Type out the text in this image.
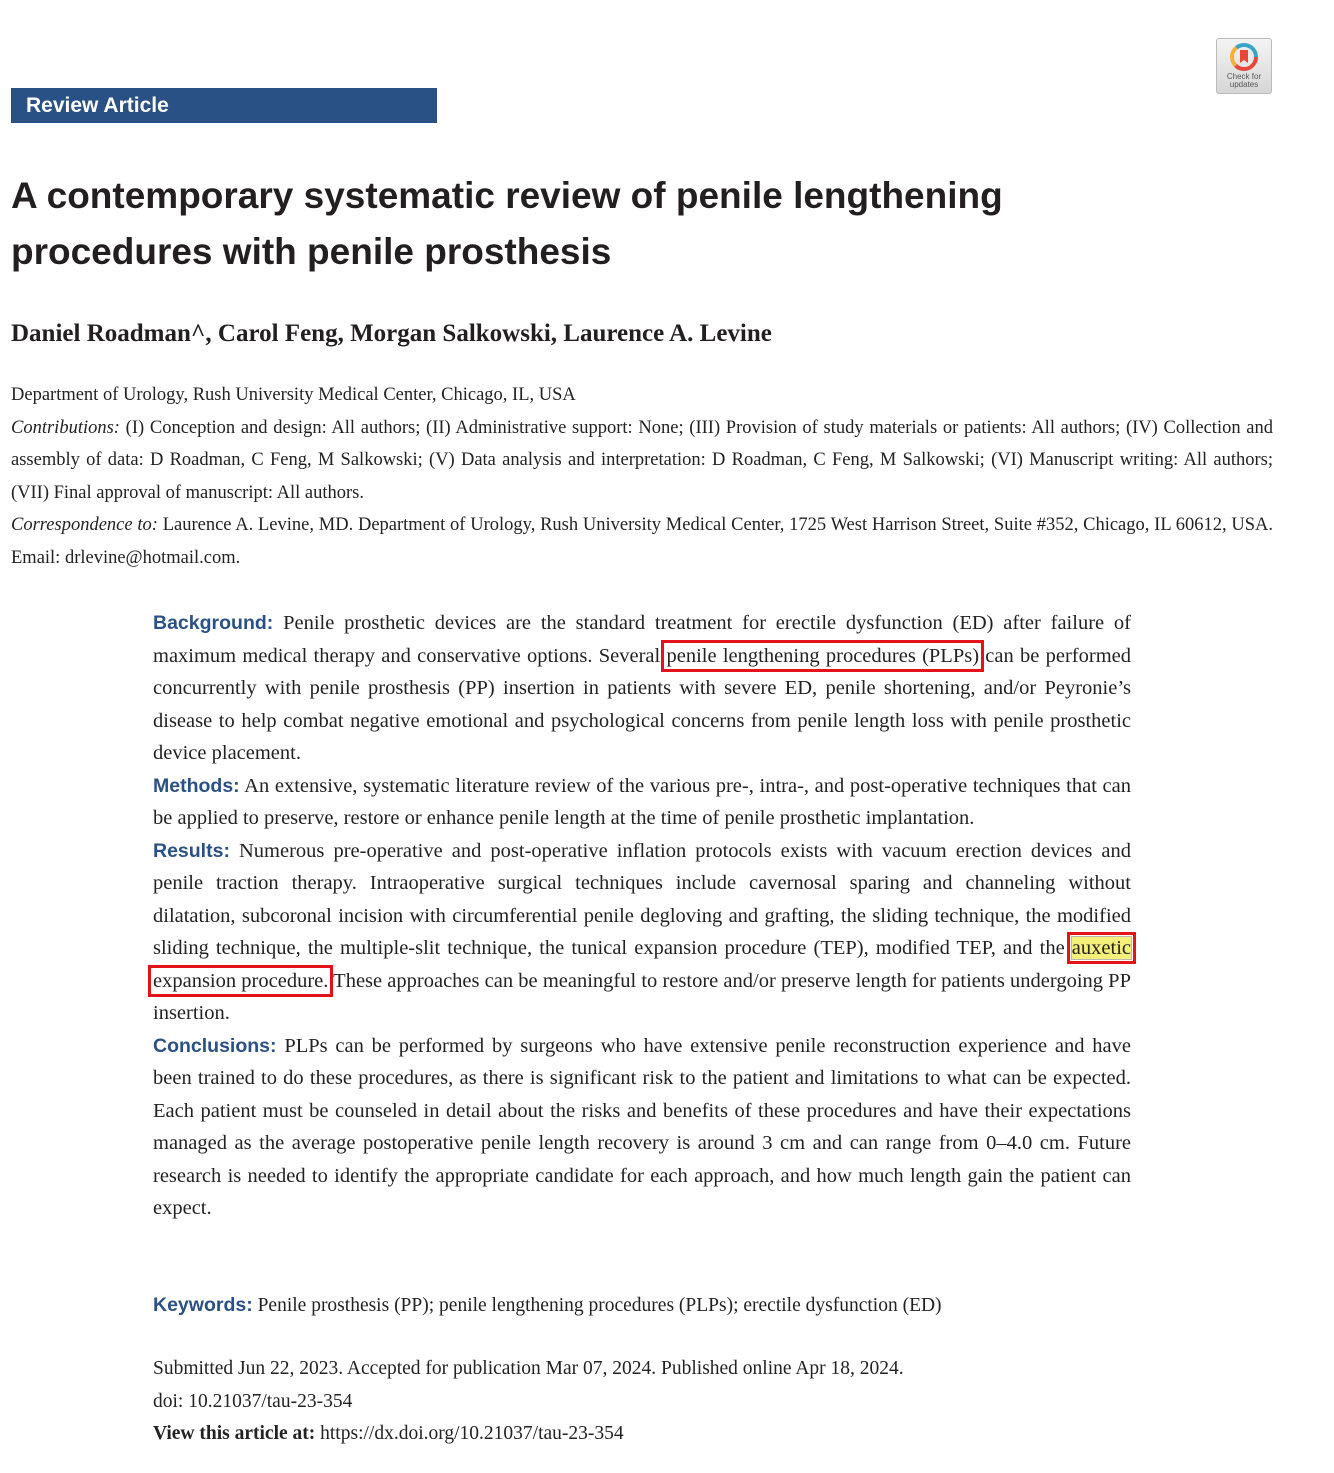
Review Article
Check for
updates
A contemporary systematic review of penile lengthening
procedures with penile prosthesis

Daniel Roadman^, Carol Feng, Morgan Salkowski, Laurence A. Levine

Department of Urology, Rush University Medical Center, Chicago, IL, USA

Contributions: (I) Conception and design: All authors; (II) Administrative support: None; (III) Provision of study materials or patients: All authors; (IV) Collection and assembly of data: D Roadman, C Feng, M Salkowski; (V) Data analysis and interpretation: D Roadman, C Feng, M Salkowski; (VI) Manuscript writing: All authors; (VII) Final approval of manuscript: All authors.

Correspondence to: Laurence A. Levine, MD. Department of Urology, Rush University Medical Center, 1725 West Harrison Street, Suite #352, Chicago, IL 60612, USA. Email: drlevine@hotmail.com.

Background: Penile prosthetic devices are the standard treatment for erectile dysfunction (ED) after failure of maximum medical therapy and conservative options. Several penile lengthening procedures (PLPs) can be performed concurrently with penile prosthesis (PP) insertion in patients with severe ED, penile shortening, and/or Peyronie’s disease to help combat negative emotional and psychological concerns from penile length loss with penile prosthetic device placement.

Methods: An extensive, systematic literature review of the various pre-, intra-, and post-operative techniques that can be applied to preserve, restore or enhance penile length at the time of penile prosthetic implantation.

Results: Numerous pre-operative and post-operative inflation protocols exists with vacuum erection devices and penile traction therapy. Intraoperative surgical techniques include cavernosal sparing and channeling without dilatation, subcoronal incision with circumferential penile degloving and grafting, the sliding technique, the modified sliding technique, the multiple-slit technique, the tunical expansion procedure (TEP), modified TEP, and the auxetic expansion procedure. These approaches can be meaningful to restore and/or preserve length for patients undergoing PP insertion.

Conclusions: PLPs can be performed by surgeons who have extensive penile reconstruction experience and have been trained to do these procedures, as there is significant risk to the patient and limitations to what can be expected. Each patient must be counseled in detail about the risks and benefits of these procedures and have their expectations managed as the average postoperative penile length recovery is around 3 cm and can range from 0–4.0 cm. Future research is needed to identify the appropriate candidate for each approach, and how much length gain the patient can expect.

Keywords: Penile prosthesis (PP); penile lengthening procedures (PLPs); erectile dysfunction (ED)

Submitted Jun 22, 2023. Accepted for publication Mar 07, 2024. Published online Apr 18, 2024.

doi: 10.21037/tau-23-354

View this article at: https://dx.doi.org/10.21037/tau-23-354
